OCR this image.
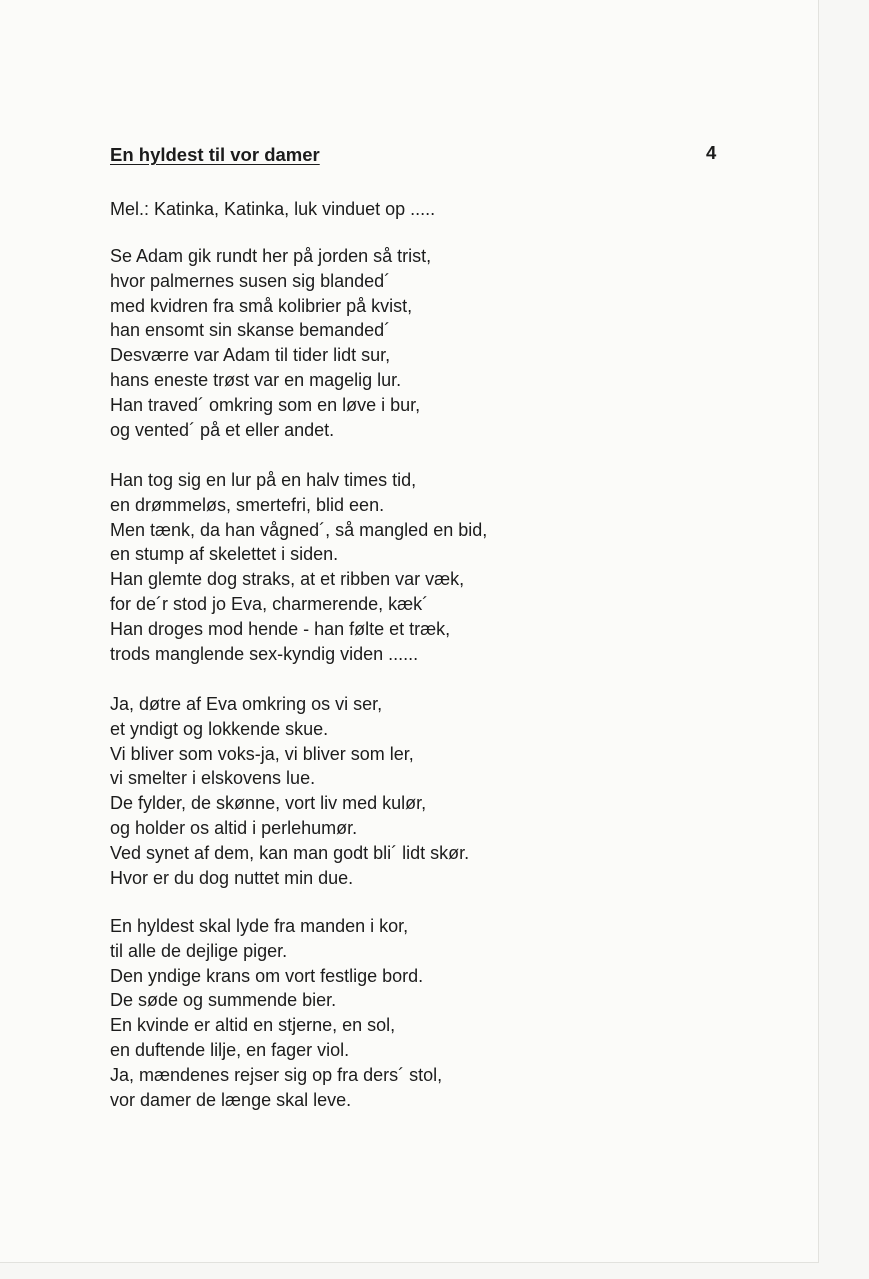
En hyldest til vor damer	4
Mel.: Katinka, Katinka, luk vinduet op .....
Se Adam gik rundt her på jorden så trist,
hvor palmernes susen sig blanded´
med kvidren fra små kolibrier på kvist,
han ensomt sin skanse bemanded´
Desværre var Adam til tider lidt sur,
hans eneste trøst var en magelig lur.
Han traved´ omkring som en løve i bur,
og vented´ på et eller andet.
Han tog sig en lur på en halv times tid,
en drømmeløs, smertefri, blid een.
Men tænk, da han vågned´, så mangled en bid,
en stump af skelettet i siden.
Han glemte dog straks, at et ribben var væk,
for de´r stod jo Eva, charmerende, kæk´
Han droges mod hende - han følte et træk,
trods manglende sex-kyndig viden ......
Ja, døtre af Eva omkring os vi ser,
et yndigt og lokkende skue.
Vi bliver som voks-ja, vi bliver som ler,
vi smelter i elskovens lue.
De fylder, de skønne, vort liv med kulør,
og holder os altid i perlehumør.
Ved synet af dem, kan man godt bli´ lidt skør.
Hvor er du dog nuttet min due.
En hyldest skal lyde fra manden i kor,
til alle de dejlige piger.
Den yndige krans om vort festlige bord.
De søde og summende bier.
En kvinde er altid en stjerne, en sol,
en duftende lilje, en fager viol.
Ja, mændenes rejser sig op fra ders´ stol,
vor damer de længe skal leve.
